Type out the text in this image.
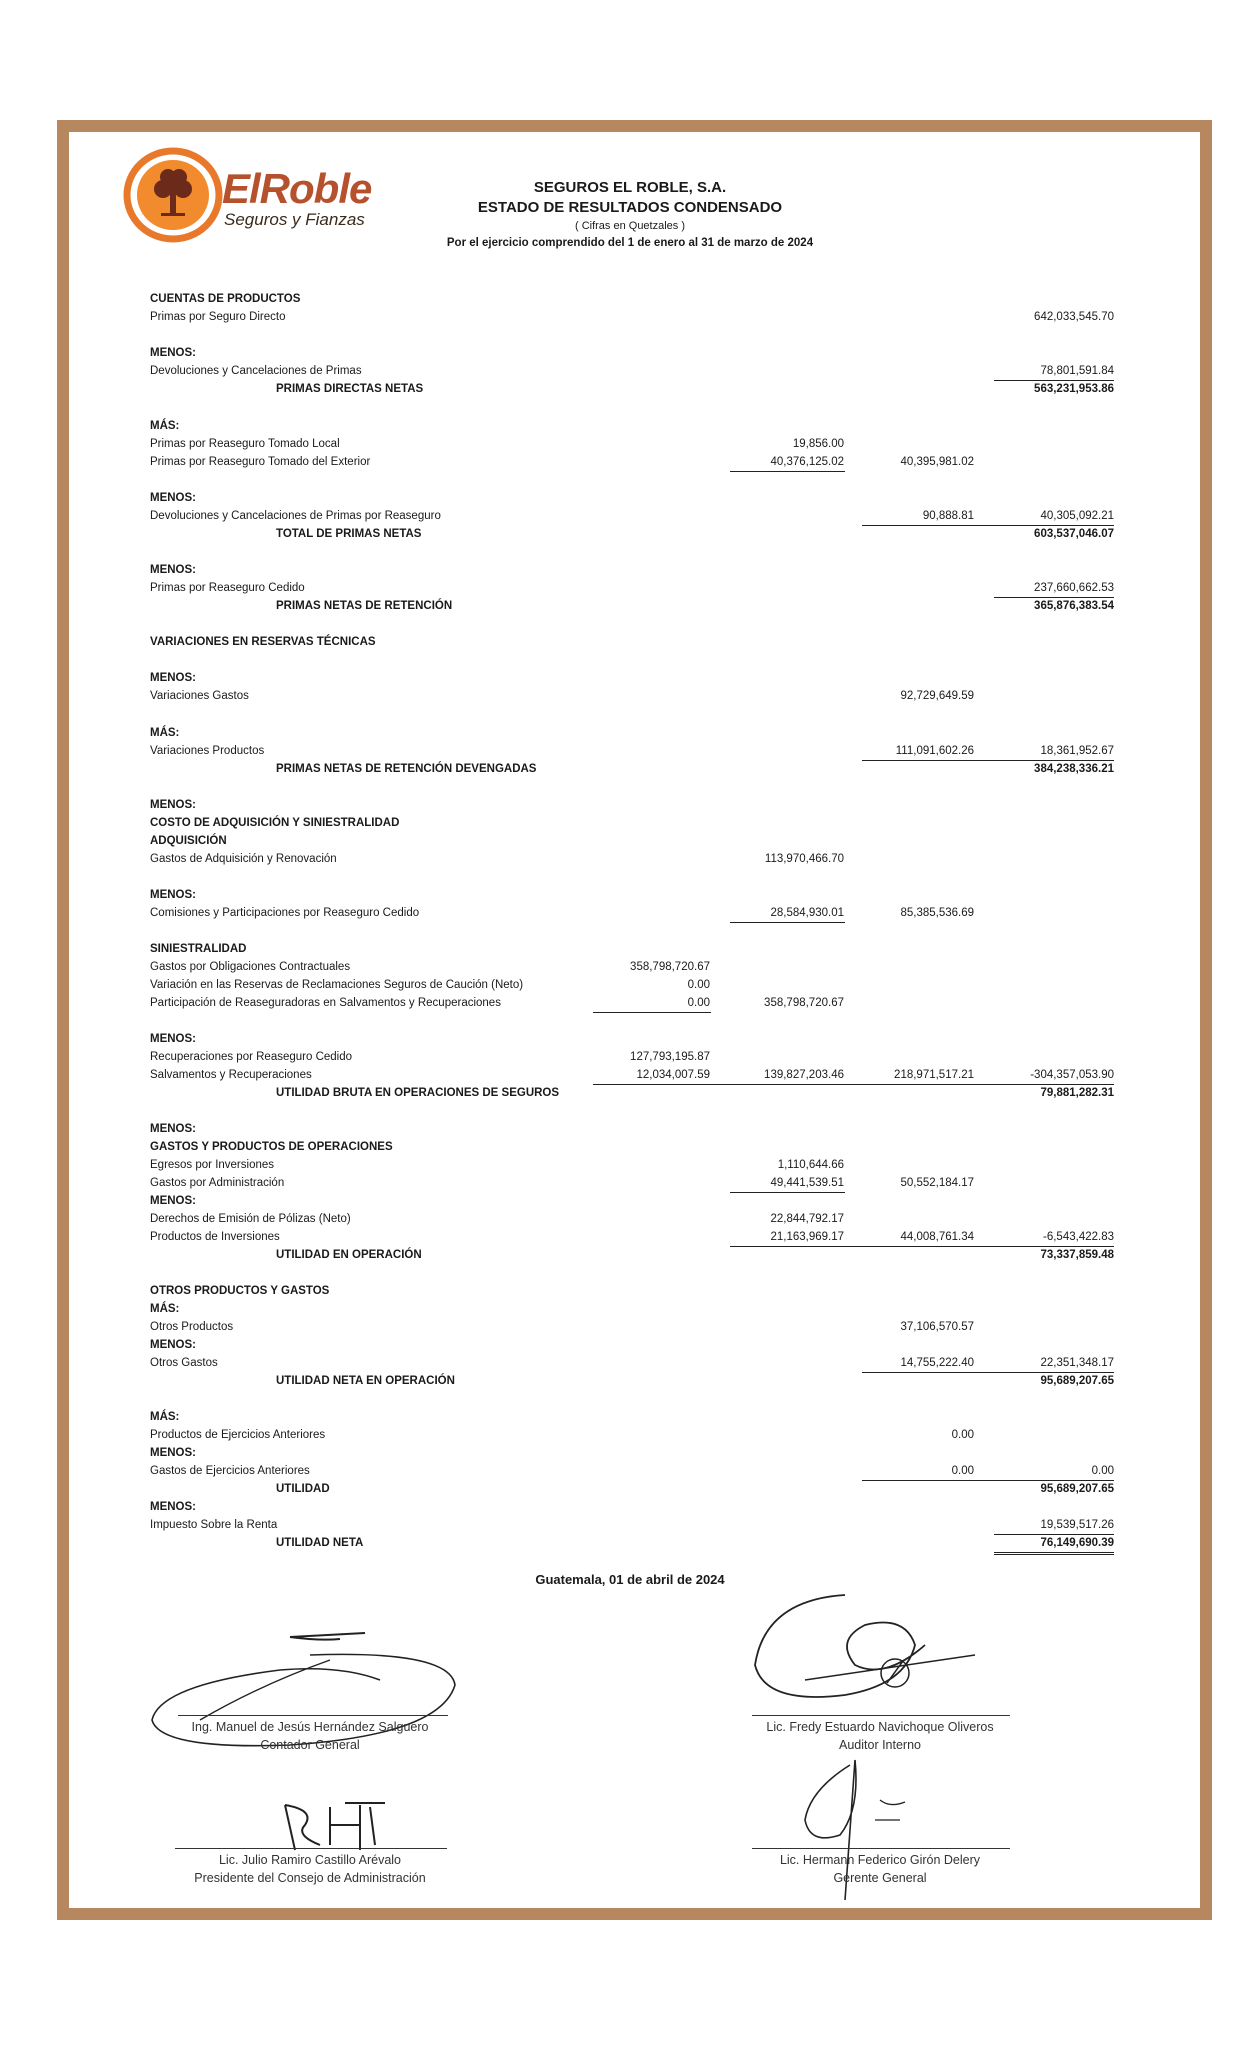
ElRoble
Seguros y Fianzas
SEGUROS EL ROBLE, S.A.
ESTADO DE RESULTADOS CONDENSADO
( Cifras en Quetzales )
Por el ejercicio comprendido del 1 de enero al 31 de marzo de 2024
CUENTAS DE PRODUCTOS
Primas por Seguro Directo	642,033,545.70
MENOS:
Devoluciones y Cancelaciones de Primas	78,801,591.84
PRIMAS DIRECTAS NETAS	563,231,953.86
MÁS:
Primas por Reaseguro Tomado Local	19,856.00
Primas por Reaseguro Tomado del Exterior	40,376,125.02	40,395,981.02
MENOS:
Devoluciones y Cancelaciones de Primas por Reaseguro	90,888.81	40,305,092.21
TOTAL DE PRIMAS NETAS	603,537,046.07
MENOS:
Primas por Reaseguro Cedido	237,660,662.53
PRIMAS NETAS DE RETENCIÓN	365,876,383.54
VARIACIONES EN RESERVAS TÉCNICAS
MENOS:
Variaciones Gastos	92,729,649.59
MÁS:
Variaciones Productos	111,091,602.26	18,361,952.67
PRIMAS NETAS DE RETENCIÓN DEVENGADAS	384,238,336.21
MENOS:
COSTO DE ADQUISICIÓN Y SINIESTRALIDAD
ADQUISICIÓN
Gastos de Adquisición y Renovación	113,970,466.70
MENOS:
Comisiones y Participaciones por Reaseguro Cedido	28,584,930.01	85,385,536.69
SINIESTRALIDAD
Gastos por Obligaciones Contractuales	358,798,720.67
Variación en las Reservas de Reclamaciones Seguros de Caución (Neto)	0.00
Participación de Reaseguradoras en Salvamentos y Recuperaciones	0.00	358,798,720.67
MENOS:
Recuperaciones por Reaseguro Cedido	127,793,195.87
Salvamentos y Recuperaciones	12,034,007.59	139,827,203.46	218,971,517.21	-304,357,053.90
UTILIDAD BRUTA EN OPERACIONES DE SEGUROS	79,881,282.31
MENOS:
GASTOS Y PRODUCTOS DE OPERACIONES
Egresos por Inversiones	1,110,644.66
Gastos por Administración	49,441,539.51	50,552,184.17
MENOS:
Derechos de Emisión de Pólizas (Neto)	22,844,792.17
Productos de Inversiones	21,163,969.17	44,008,761.34	-6,543,422.83
UTILIDAD EN OPERACIÓN	73,337,859.48
OTROS PRODUCTOS Y GASTOS
MÁS:
Otros Productos	37,106,570.57
MENOS:
Otros Gastos	14,755,222.40	22,351,348.17
UTILIDAD NETA EN OPERACIÓN	95,689,207.65
MÁS:
Productos de Ejercicios Anteriores	0.00
MENOS:
Gastos de Ejercicios Anteriores	0.00	0.00
UTILIDAD	95,689,207.65
MENOS:
Impuesto Sobre la Renta	19,539,517.26
UTILIDAD NETA	76,149,690.39
Guatemala, 01 de abril de 2024
Ing. Manuel de Jesús Hernández Salguero
Contador General
Lic. Fredy Estuardo Navichoque Oliveros
Auditor Interno
Lic. Julio Ramiro Castillo Arévalo
Presidente del Consejo de Administración
Lic. Hermann Federico Girón Delery
Gerente General
